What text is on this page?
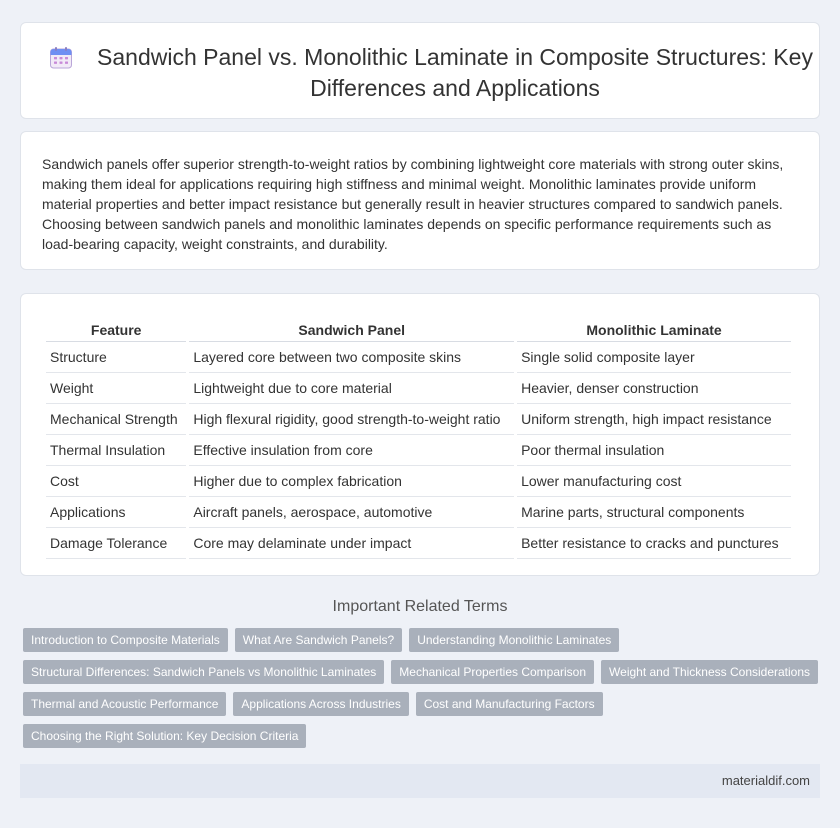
Sandwich Panel vs. Monolithic Laminate in Composite Structures: Key Differences and Applications

Sandwich panels offer superior strength-to-weight ratios by combining lightweight core materials with strong outer skins, making them ideal for applications requiring high stiffness and minimal weight. Monolithic laminates provide uniform material properties and better impact resistance but generally result in heavier structures compared to sandwich panels. Choosing between sandwich panels and monolithic laminates depends on specific performance requirements such as load-bearing capacity, weight constraints, and durability.

Feature	Sandwich Panel	Monolithic Laminate
Structure	Layered core between two composite skins	Single solid composite layer
Weight	Lightweight due to core material	Heavier, denser construction
Mechanical Strength	High flexural rigidity, good strength-to-weight ratio	Uniform strength, high impact resistance
Thermal Insulation	Effective insulation from core	Poor thermal insulation
Cost	Higher due to complex fabrication	Lower manufacturing cost
Applications	Aircraft panels, aerospace, automotive	Marine parts, structural components
Damage Tolerance	Core may delaminate under impact	Better resistance to cracks and punctures
Important Related Terms
Introduction to Composite Materials	What Are Sandwich Panels?	Understanding Monolithic Laminates
Structural Differences: Sandwich Panels vs Monolithic Laminates	Mechanical Properties Comparison	Weight and Thickness Considerations
Thermal and Acoustic Performance	Applications Across Industries	Cost and Manufacturing Factors
Choosing the Right Solution: Key Decision Criteria
materialdif.com
